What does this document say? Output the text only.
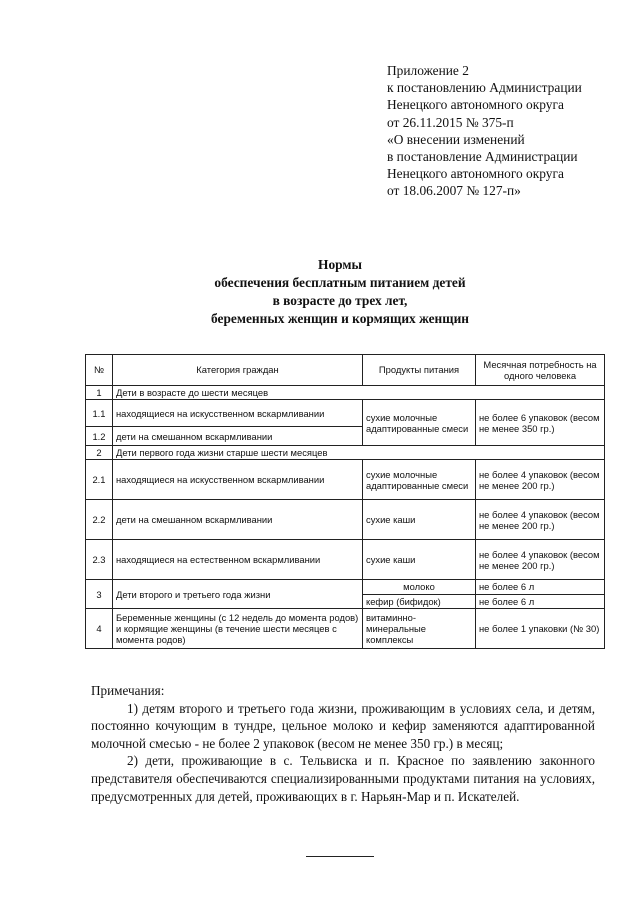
Приложение 2
к постановлению Администрации
Ненецкого автономного округа
от 26.11.2015 № 375-п
«О внесении изменений
в постановление Администрации
Ненецкого автономного округа
от 18.06.2007 № 127-п»
Нормы
обеспечения бесплатным питанием детей
в возрасте до трех лет,
беременных женщин и кормящих женщин
№	Категория граждан	Продукты питания	Месячная потребность на одного человека
1	Дети в возрасте до шести месяцев		
1.1	находящиеся на искусственном вскармливании	сухие молочные адаптированные смеси	не более 6 упаковок (весом не менее 350 гр.)
1.2	дети на смешанном вскармливании		
2	Дети первого года жизни старше шести месяцев		
2.1	находящиеся на искусственном вскармливании	сухие молочные адаптированные смеси	не более 4 упаковок (весом не менее 200 гр.)
2.2	дети на смешанном вскармливании	сухие каши	не более 4 упаковок (весом не менее 200 гр.)
2.3	находящиеся на естественном вскармливании	сухие каши	не более 4 упаковок (весом не менее 200 гр.)
3	Дети второго и третьего года жизни	молоко	не более 6 л
		кефир (бифидок)	не более 6 л
4	Беременные женщины (с 12 недель до момента родов) и кормящие женщины (в течение шести месяцев с момента родов)	витаминно-минеральные комплексы	не более 1 упаковки (№ 30)

Примечания:

1) детям второго и третьего года жизни, проживающим в условиях села, и детям, постоянно кочующим в тундре, цельное молоко и кефир заменяются адаптированной молочной смесью - не более 2 упаковок (весом не менее 350 гр.) в месяц;

2) дети, проживающие в с. Тельвиска и п. Красное по заявлению законного представителя обеспечиваются специализированными продуктами питания на условиях, предусмотренных для детей, проживающих в г. Нарьян-Мар и п. Искателей.
